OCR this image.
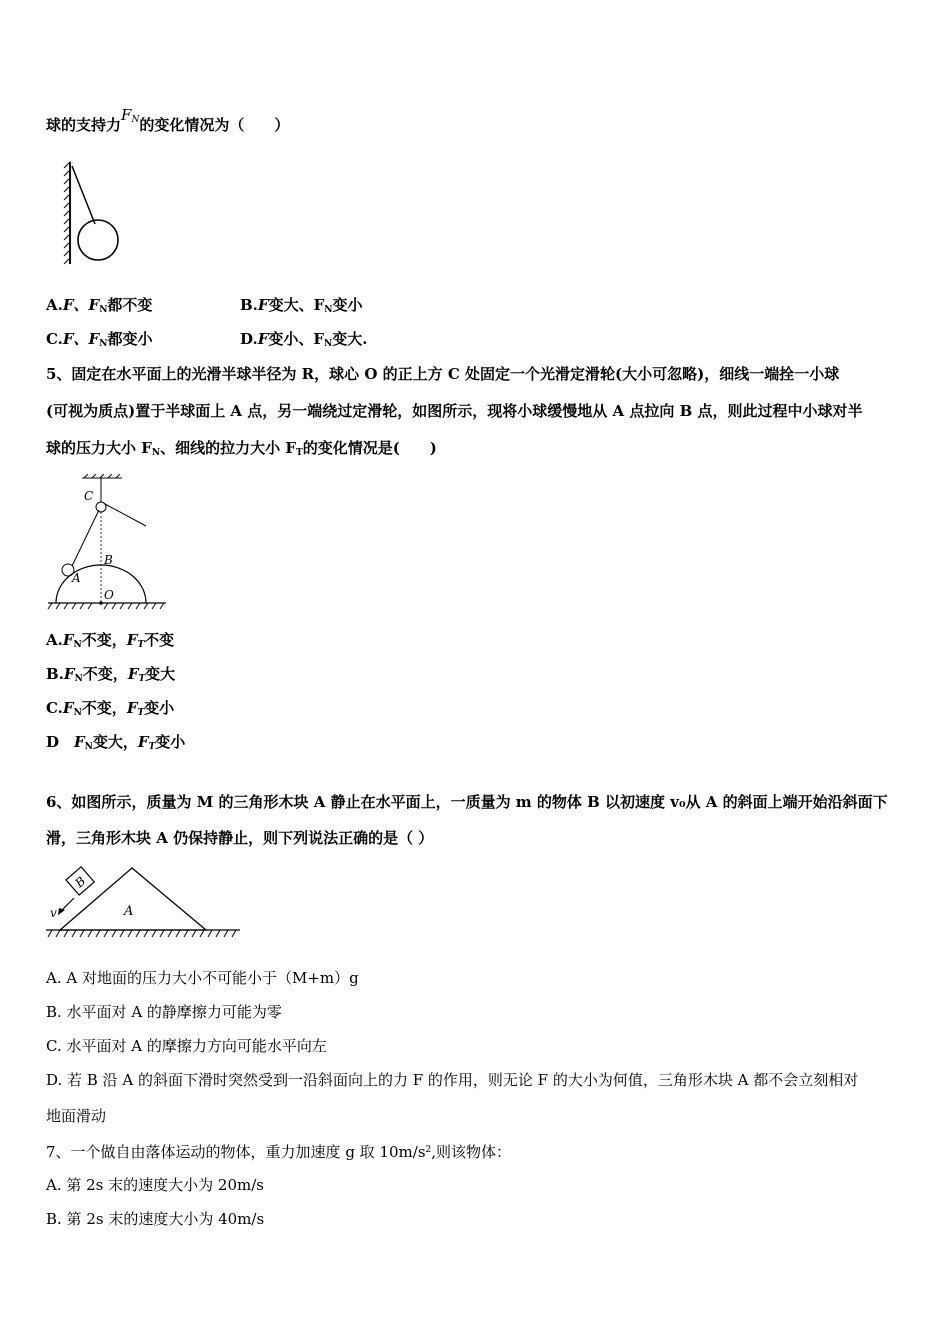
球的支持力$F_N$的变化情况为（　　）
A.F、$F_N$都不变	B.F变大、$F_N$变小
C.F、$F_N$都变小	D.F变小、$F_N$变大.
5、固定在水平面上的光滑半球半径为 R，球心 O 的正上方 C 处固定一个光滑定滑轮(大小可忽略)，细线一端拴一小球
(可视为质点)置于半球面上 A 点，另一端绕过定滑轮，如图所示，现将小球缓慢地从 A 点拉向 B 点，则此过程中小球对半
球的压力大小 $F_N$、细线的拉力大小 $F_T$的变化情况是(　　)
C
B
A
O
$A.F_N$不变，$F_T$不变
$B.F_N$不变，$F_T$变大
$C.F_N$不变，$F_T$变小
D　$F_N$变大，$F_T$变小
6、如图所示，质量为 M 的三角形木块 A 静止在水平面上，一质量为 m 的物体 B 以初速度 v₀从 A 的斜面上端开始沿斜面下
滑，三角形木块 A 仍保持静止，则下列说法正确的是（ ）
B
v	A
A. A 对地面的压力大小不可能小于（M+m）g
B. 水平面对 A 的静摩擦力可能为零
C. 水平面对 A 的摩擦力方向可能水平向左
D. 若 B 沿 A 的斜面下滑时突然受到一沿斜面向上的力 F 的作用，则无论 F 的大小为何值，三角形木块 A 都不会立刻相对
地面滑动
7、一个做自由落体运动的物体，重力加速度 g 取 $10m/s^2$,则该物体：
A. 第 2s 末的速度大小为 20m/s
B. 第 2s 末的速度大小为 40m/s
